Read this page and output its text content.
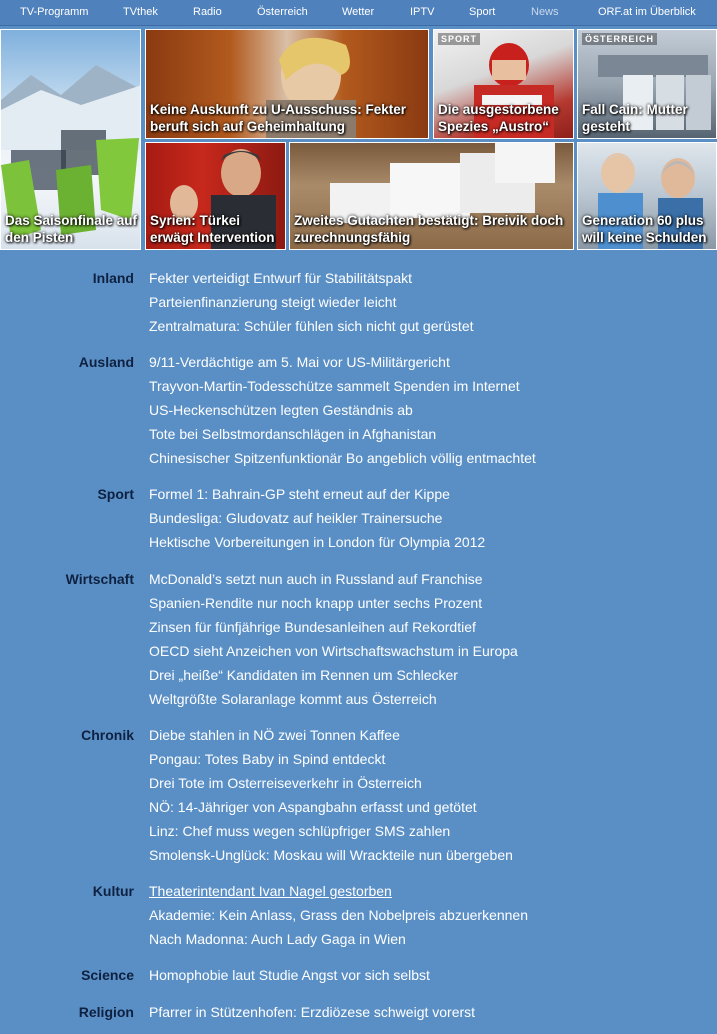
TV-Programm	TVthek	Radio	Österreich	Wetter	IPTV	Sport	News	ORF.at im Überblick
Das Saisonfinale auf den Pisten
Keine Auskunft zu U-Ausschuss: Fekter beruft sich auf Geheimhaltung
SPORT
Die ausgestorbene Spezies „Austro“
ÖSTERREICH
Fall Cain: Mutter gesteht
Syrien: Türkei erwägt Intervention
Zweites Gutachten bestätigt: Breivik doch zurechnungsfähig
Generation 60 plus will keine Schulden
Inland Fekter verteidigt Entwurf für Stabilitätspakt
Parteienfinanzierung steigt wieder leicht
Zentralmatura: Schüler fühlen sich nicht gut gerüstet
Ausland 9/11-Verdächtige am 5. Mai vor US-Militärgericht
Trayvon-Martin-Todesschütze sammelt Spenden im Internet
US-Heckenschützen legten Geständnis ab
Tote bei Selbstmordanschlägen in Afghanistan
Chinesischer Spitzenfunktionär Bo angeblich völlig entmachtet
Sport Formel 1: Bahrain-GP steht erneut auf der Kippe
Bundesliga: Gludovatz auf heikler Trainersuche
Hektische Vorbereitungen in London für Olympia 2012
Wirtschaft McDonald’s setzt nun auch in Russland auf Franchise
Spanien-Rendite nur noch knapp unter sechs Prozent
Zinsen für fünfjährige Bundesanleihen auf Rekordtief
OECD sieht Anzeichen von Wirtschaftswachstum in Europa
Drei „heiße“ Kandidaten im Rennen um Schlecker
Weltgrößte Solaranlage kommt aus Österreich
Chronik Diebe stahlen in NÖ zwei Tonnen Kaffee
Pongau: Totes Baby in Spind entdeckt
Drei Tote im Osterreiseverkehr in Österreich
NÖ: 14-Jähriger von Aspangbahn erfasst und getötet
Linz: Chef muss wegen schlüpfriger SMS zahlen
Smolensk-Unglück: Moskau will Wrackteile nun übergeben
Kultur Theaterintendant Ivan Nagel gestorben
Akademie: Kein Anlass, Grass den Nobelpreis abzuerkennen
Nach Madonna: Auch Lady Gaga in Wien
Science Homophobie laut Studie Angst vor sich selbst
Religion Pfarrer in Stützenhofen: Erzdiözese schweigt vorerst
